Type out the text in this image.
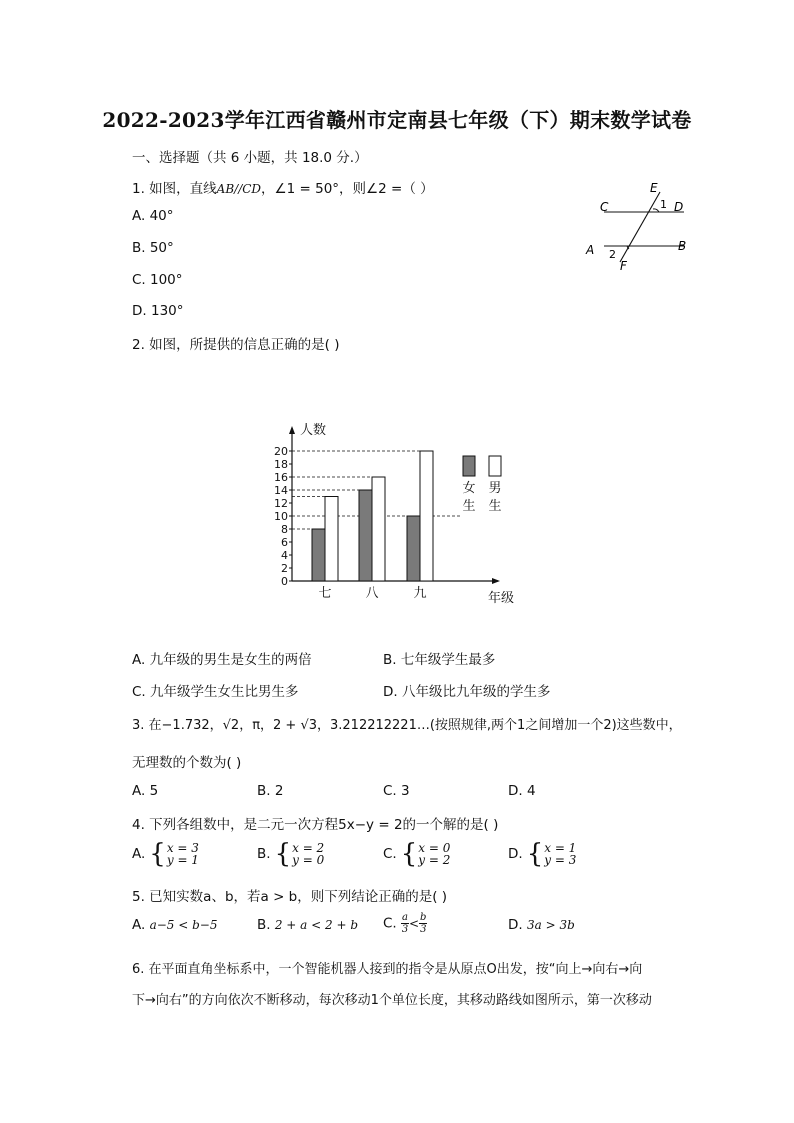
2022-2023学年江西省赣州市定南县七年级（下）期末数学试卷
一、选择题（共 6 小题，共 18.0 分.）
1. 如图，直线AB//CD，∠1 = 50°，则∠2 =（ ）
A. 40°
B. 50°
C. 100°
D. 130°
E
C	1 D
A 2
B
F
2. 如图，所提供的信息正确的是( )
0
2
4
6
8
10
12
14
16
18
20
人数
年级
七	八	九
女
生
男
生
A. 九年级的男生是女生的两倍	B. 七年级学生最多
C. 九年级学生女生比男生多	D. 八年级比九年级的学生多
3. 在−1.732，√2，π，2 + √3，3.212212221…(按照规律,两个1之间增加一个2)这些数中，
无理数的个数为( )
A. 5	B. 2	C. 3	D. 4
4. 下列各组数中，是二元一次方程5x−y = 2的一个解的是( )
A. { x = 3
y = 1	B. { x = 2
y = 0	C. { x = 0
y = 2	D. { x = 1
y = 3
5. 已知实数a、b，若a > b，则下列结论正确的是( )
A. a−5 < b−5	B. 2 + a < 2 + b C. $\frac{a}{3}< \frac{b}{3}$	D. 3a > 3b
6. 在平面直角坐标系中，一个智能机器人接到的指令是从原点O出发，按“向上→向右→向
下→向右”的方向依次不断移动，每次移动1个单位长度，其移动路线如图所示，第一次移动
